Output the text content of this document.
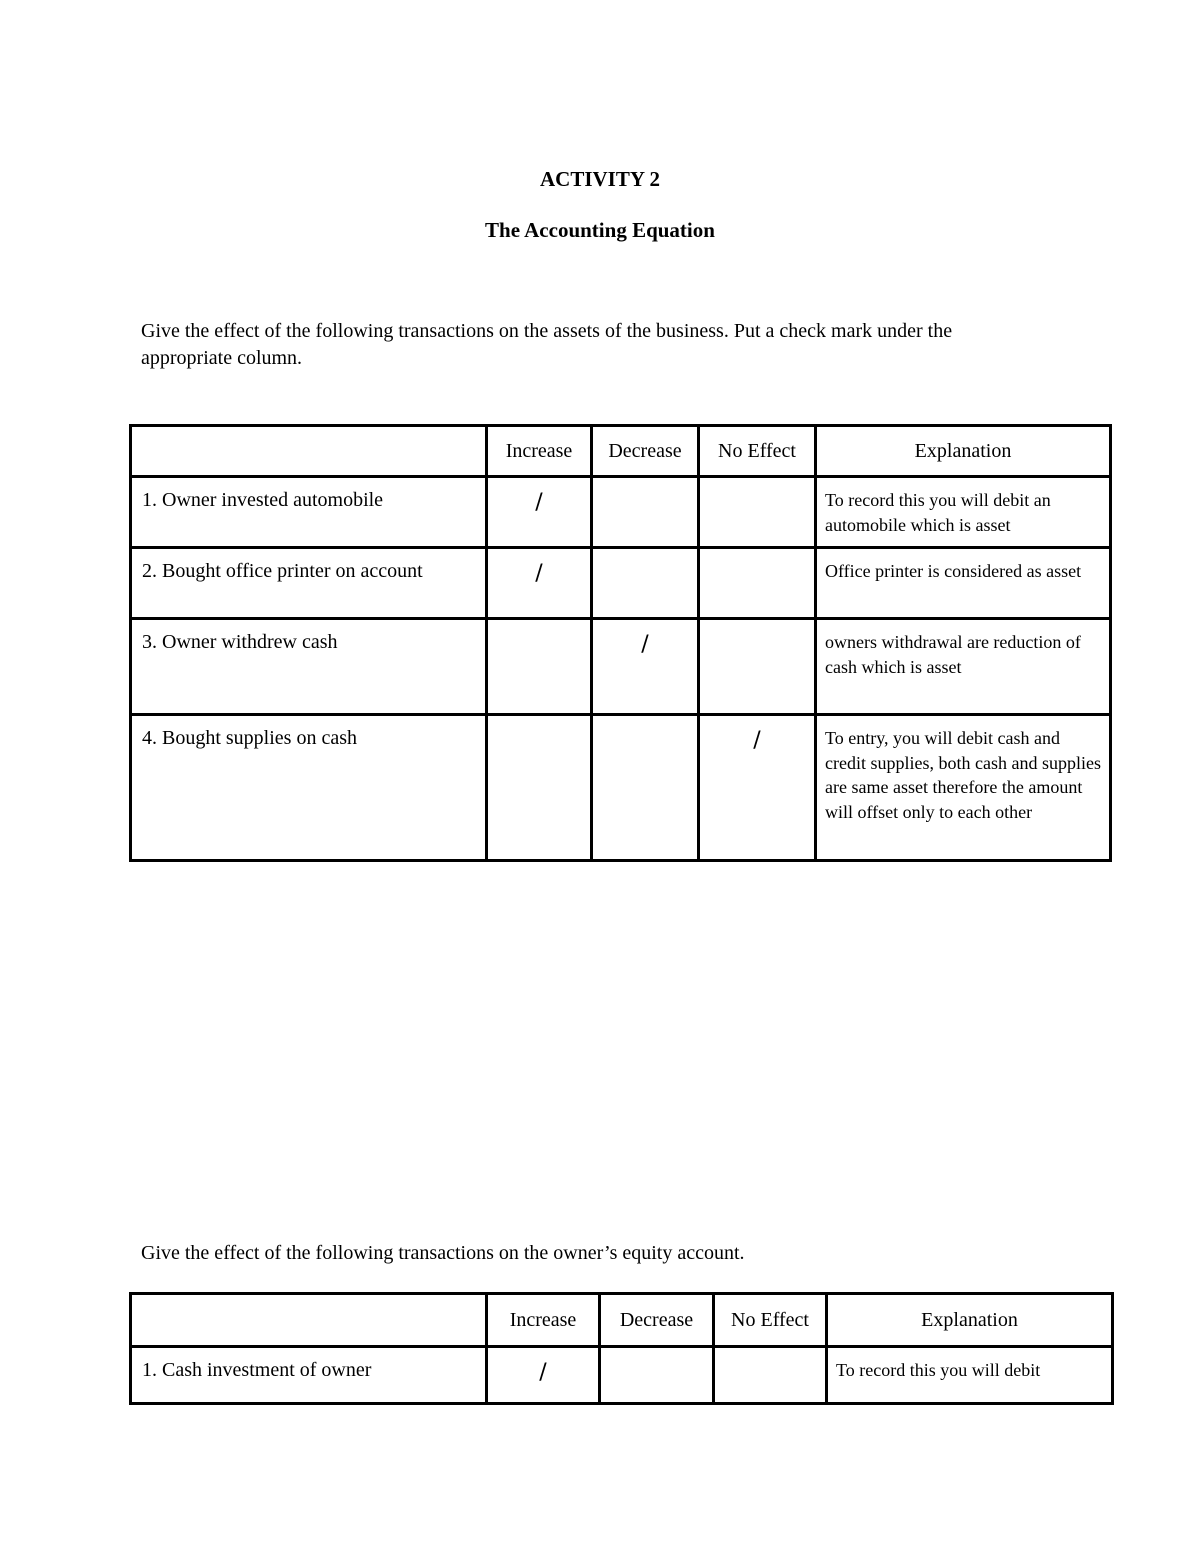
ACTIVITY 2
The Accounting Equation
Give the effect of the following transactions on the assets of the business. Put a check mark under the appropriate column.
	Increase	Decrease	No Effect	Explanation

1. Owner invested automobile	/			To record this you will debit an automobile which is asset

2. Bought office printer on account	/			Office printer is considered as asset

3. Owner withdrew cash		/		owners withdrawal are reduction of cash which is asset

4. Bought supplies on cash			/	To entry, you will debit cash and credit supplies, both cash and supplies are same asset therefore the amount will offset only to each other
Give the effect of the following transactions on the owner’s equity account.
	Increase	Decrease	No Effect	Explanation

1. Cash investment of owner	/			To record this you will debit
